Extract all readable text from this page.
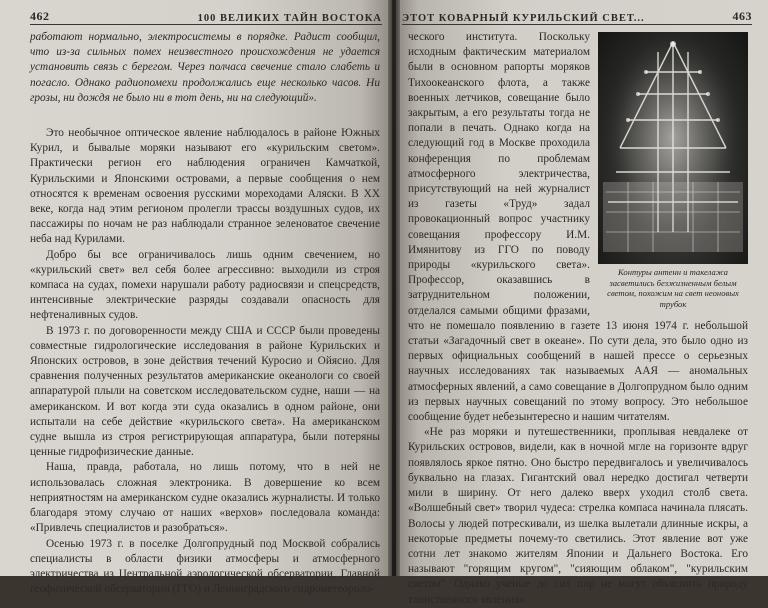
462	100 ВЕЛИКИХ ТАЙН ВОСТОКА

работают нормально, электросистемы в порядке. Радист сообщил, что из-за сильных помех неизвестного происхождения не удается установить связь с берегом. Через полчаса свечение стало слабеть и погасло. Однако радиопомехи продолжались еще несколько часов. Ни грозы, ни дождя не было ни в тот день, ни на следующий».

Это необычное оптическое явление наблюдалось в районе Южных Курил, и бывалые моряки называют его «курильским светом». Практически регион его наблюдения ограничен Камчаткой, Курильскими и Японскими островами, а первые сообщения о нем относятся к временам освоения русскими мореходами Аляски. В XX веке, когда над этим регионом пролегли трассы воздушных судов, их пассажиры по ночам не раз наблюдали странное зеленоватое свечение неба над Курилами.

Добро бы все ограничивалось лишь одним свечением, но «курильский свет» вел себя более агрессивно: выходили из строя компаса на судах, помехи нарушали работу радиосвязи и спецсредств, интенсивные электрические разряды создавали опасность для нефтеналивных судов.

В 1973 г. по договоренности между США и СССР были проведены совместные гидрологические исследования в районе Курильских и Японских островов, в зоне действия течений Куросио и Ойясио. Для сравнения полученных результатов американские океанологи со своей аппаратурой плыли на советском исследовательском судне, наши — на американском. И вот когда эти суда оказались в одном районе, они испытали на себе действие «курильского света». На американском судне вышла из строя регистрирующая аппаратура, были потеряны ценные гидрофизические данные.

Наша, правда, работала, но лишь потому, что в ней не использовалась сложная электроника. В довершение ко всем неприятностям на американском судне оказались журналисты. И только благодаря этому случаю от наших «верхов» последовала команда: «Привлечь специалистов и разобраться».

Осенью 1973 г. в поселке Долгопрудный под Москвой собрались специалисты в области физики атмосферы и атмосферного электричества из Центральной аэрологической обсерватории, Главной геофизической обсерватории (ГГО) и Ленинградского гидрометеороло-

ЭТОТ КОВАРНЫЙ КУРИЛЬСКИЙ СВЕТ...	463
Контуры антенн и такелажа засветились безжизненным белым светом, похожим на свет неоновых трубок

ческого института. Поскольку исходным фактическим материалом были в основном рапорты моряков Тихоокеанского флота, а также военных летчиков, совещание было закрытым, а его результаты тогда не попали в печать. Однако когда на следующий год в Москве проходила конференция по проблемам атмосферного электричества, присутствующий на ней журналист из газеты «Труд» задал провокационный вопрос участнику совещания профессору И.М. Имянитову из ГГО по поводу природы «курильского света». Профессор, оказавшись в затруднительном положении, отделался самыми общими фразами, что не помешало появлению в газете 13 июня 1974 г. небольшой статьи «Загадочный свет в океане». По сути дела, это было одно из первых официальных сообщений в нашей прессе о серьезных научных исследованиях так называемых ААЯ — аномальных атмосферных явлений, а само совещание в Долгопрудном было одним из первых научных совещаний по этому вопросу. Это небольшое сообщение будет небезынтересно и нашим читателям.

«Не раз моряки и путешественники, проплывая невдалеке от Курильских островов, видели, как в ночной мгле на горизонте вдруг появлялось яркое пятно. Оно быстро передвигалось и увеличивалось буквально на глазах. Гигантский овал нередко достигал четверти мили в ширину. От него далеко вверх уходил столб света. «Волшебный свет» творил чудеса: стрелка компаса начинала плясать. Волосы у людей потрескивали, из шелка вылетали длинные искры, а некоторые предметы почему-то светились. Этот явление вот уже сотни лет знакомо жителям Японии и Дальнего Востока. Его называют "горящим кругом", "сияющим облаком", "курильским светом". Однако ученые до сих пор не могут объяснить природу таинственного явления».
